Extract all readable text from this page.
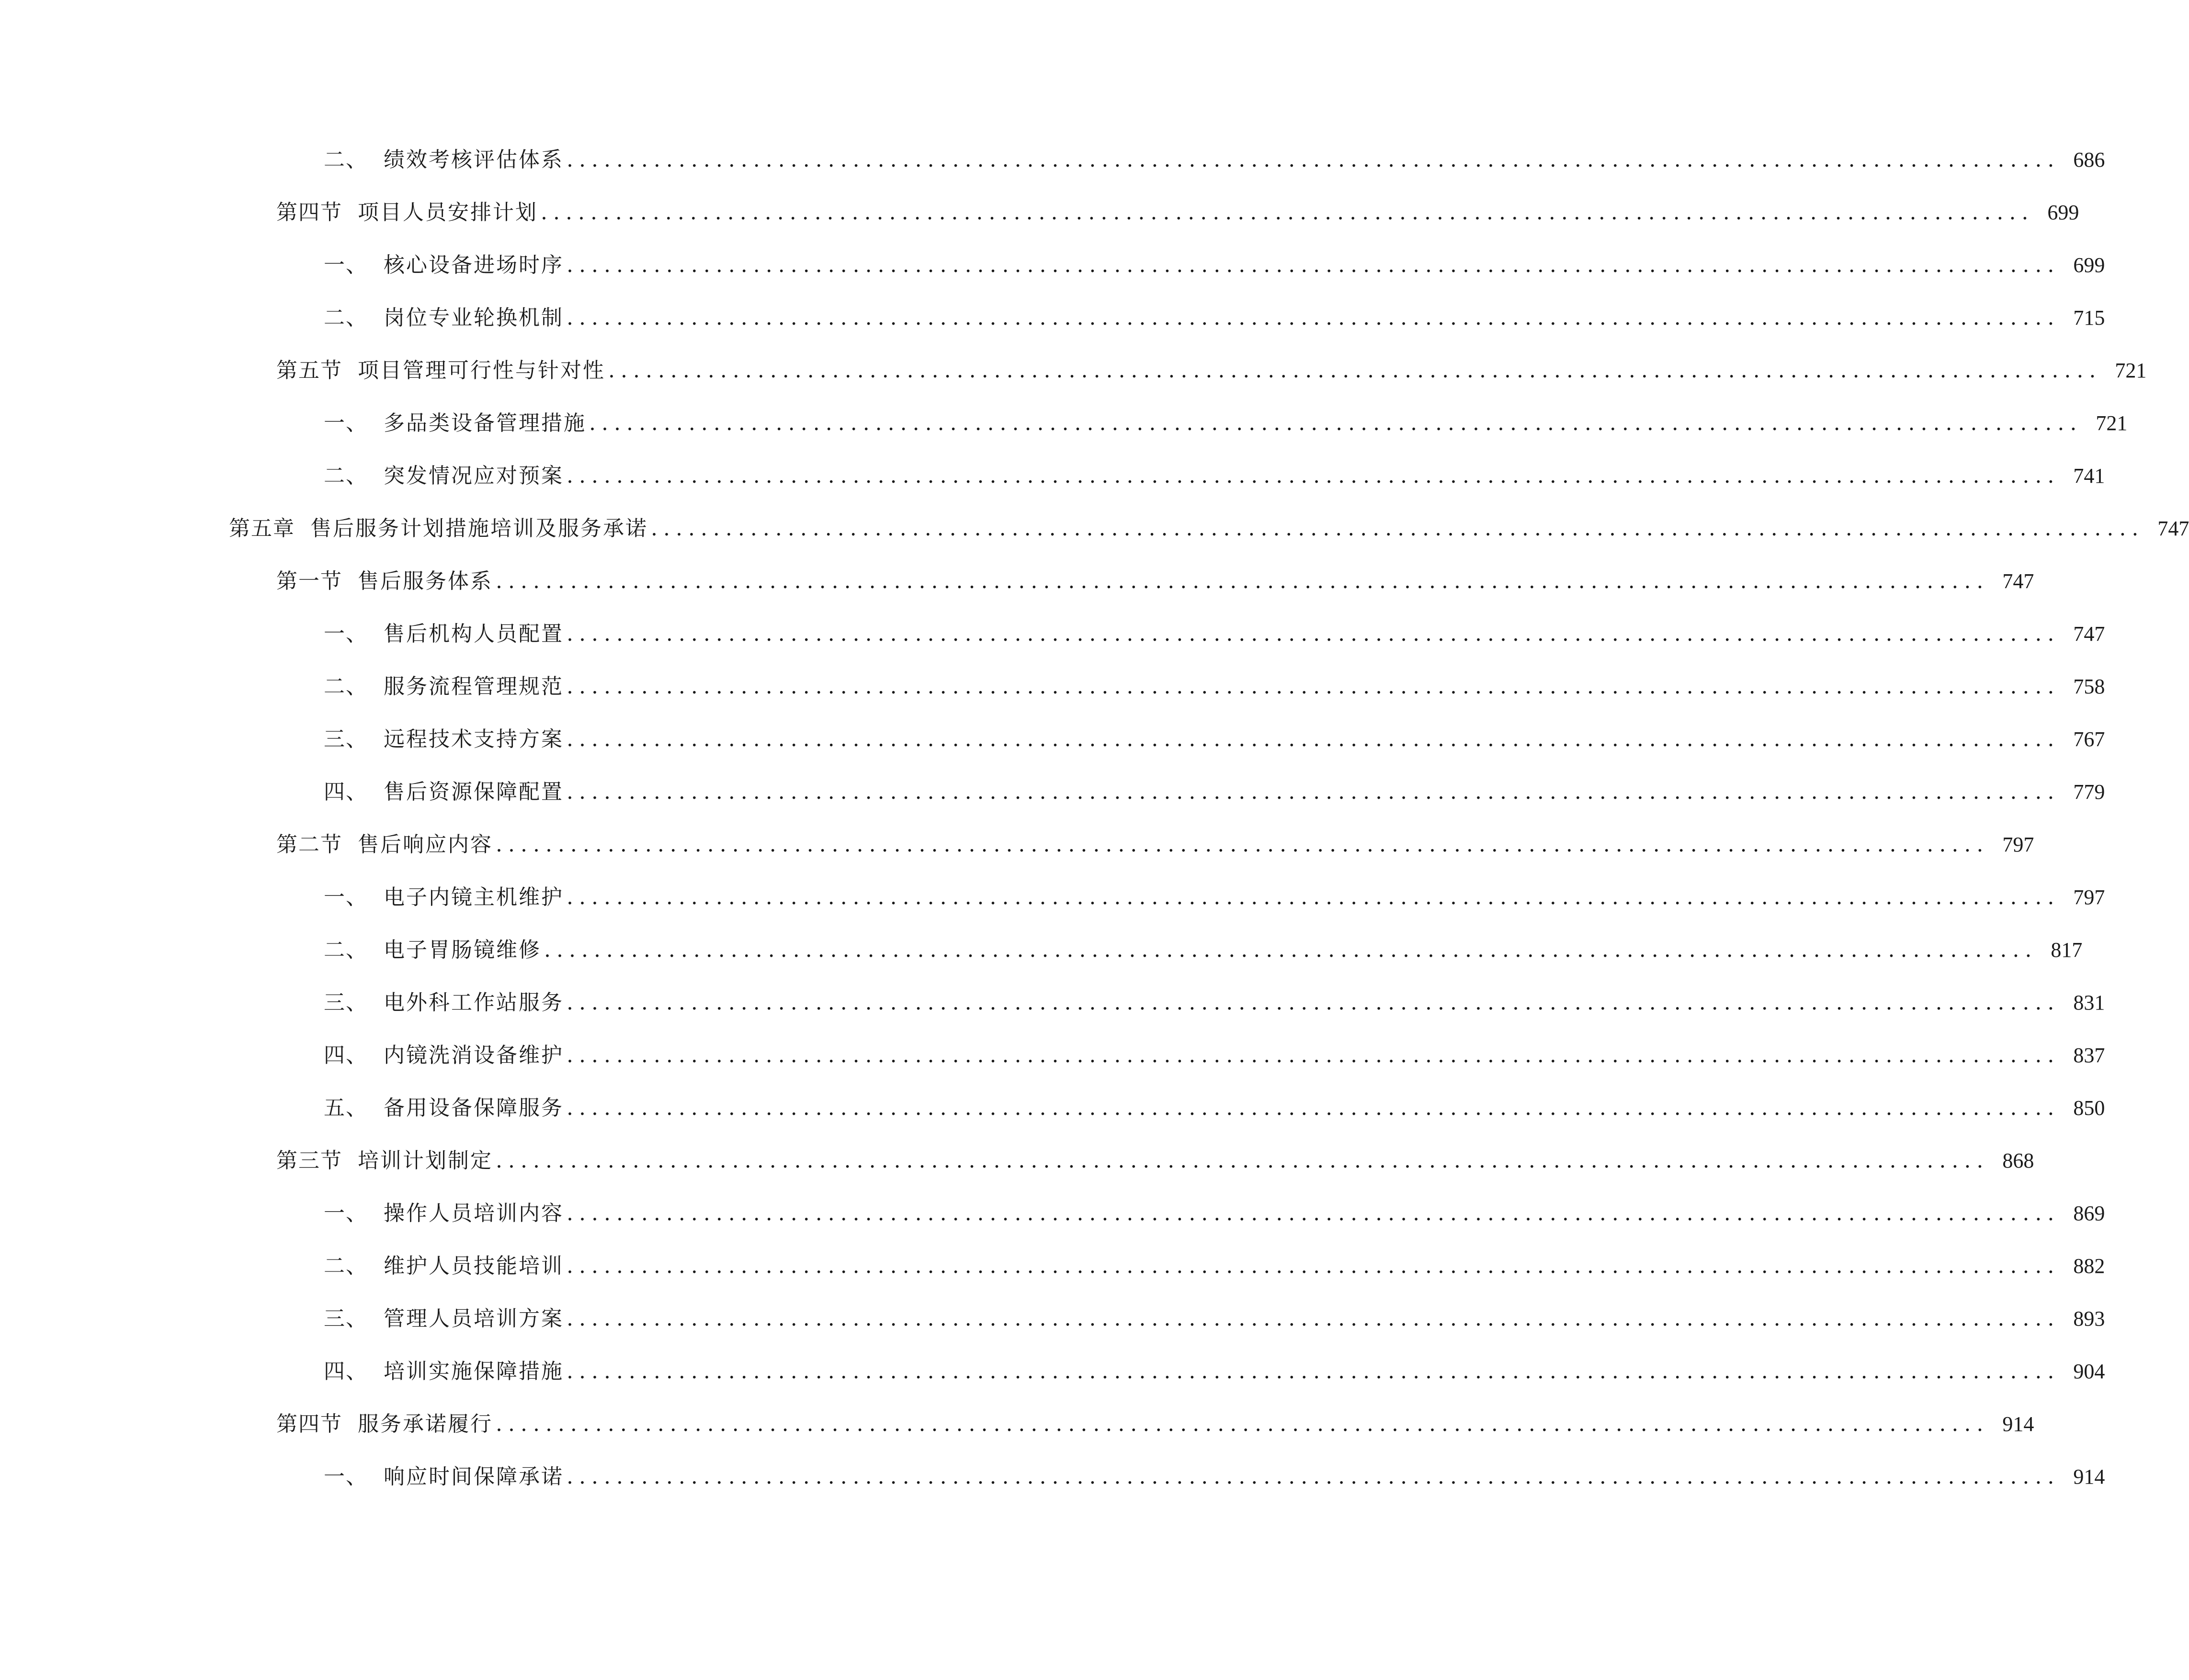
二、 绩效考核评估体系 ........................................................................................................................ 686
第四节 项目人员安排计划 ........................................................................................................................ 699
一、 核心设备进场时序 ........................................................................................................................ 699
二、 岗位专业轮换机制 ........................................................................................................................ 715
第五节 项目管理可行性与针对性 ........................................................................................................................ 721
一、 多品类设备管理措施 ........................................................................................................................ 721
二、 突发情况应对预案 ........................................................................................................................ 741
第五章 售后服务计划措施培训及服务承诺 ........................................................................................................................ 747
第一节 售后服务体系 ........................................................................................................................ 747
一、 售后机构人员配置 ........................................................................................................................ 747
二、 服务流程管理规范 ........................................................................................................................ 758
三、 远程技术支持方案 ........................................................................................................................ 767
四、 售后资源保障配置 ........................................................................................................................ 779
第二节 售后响应内容 ........................................................................................................................ 797
一、 电子内镜主机维护 ........................................................................................................................ 797
二、 电子胃肠镜维修 ........................................................................................................................ 817
三、 电外科工作站服务 ........................................................................................................................ 831
四、 内镜洗消设备维护 ........................................................................................................................ 837
五、 备用设备保障服务 ........................................................................................................................ 850
第三节 培训计划制定 ........................................................................................................................ 868
一、 操作人员培训内容 ........................................................................................................................ 869
二、 维护人员技能培训 ........................................................................................................................ 882
三、 管理人员培训方案 ........................................................................................................................ 893
四、 培训实施保障措施 ........................................................................................................................ 904
第四节 服务承诺履行 ........................................................................................................................ 914
一、 响应时间保障承诺 ........................................................................................................................ 914
